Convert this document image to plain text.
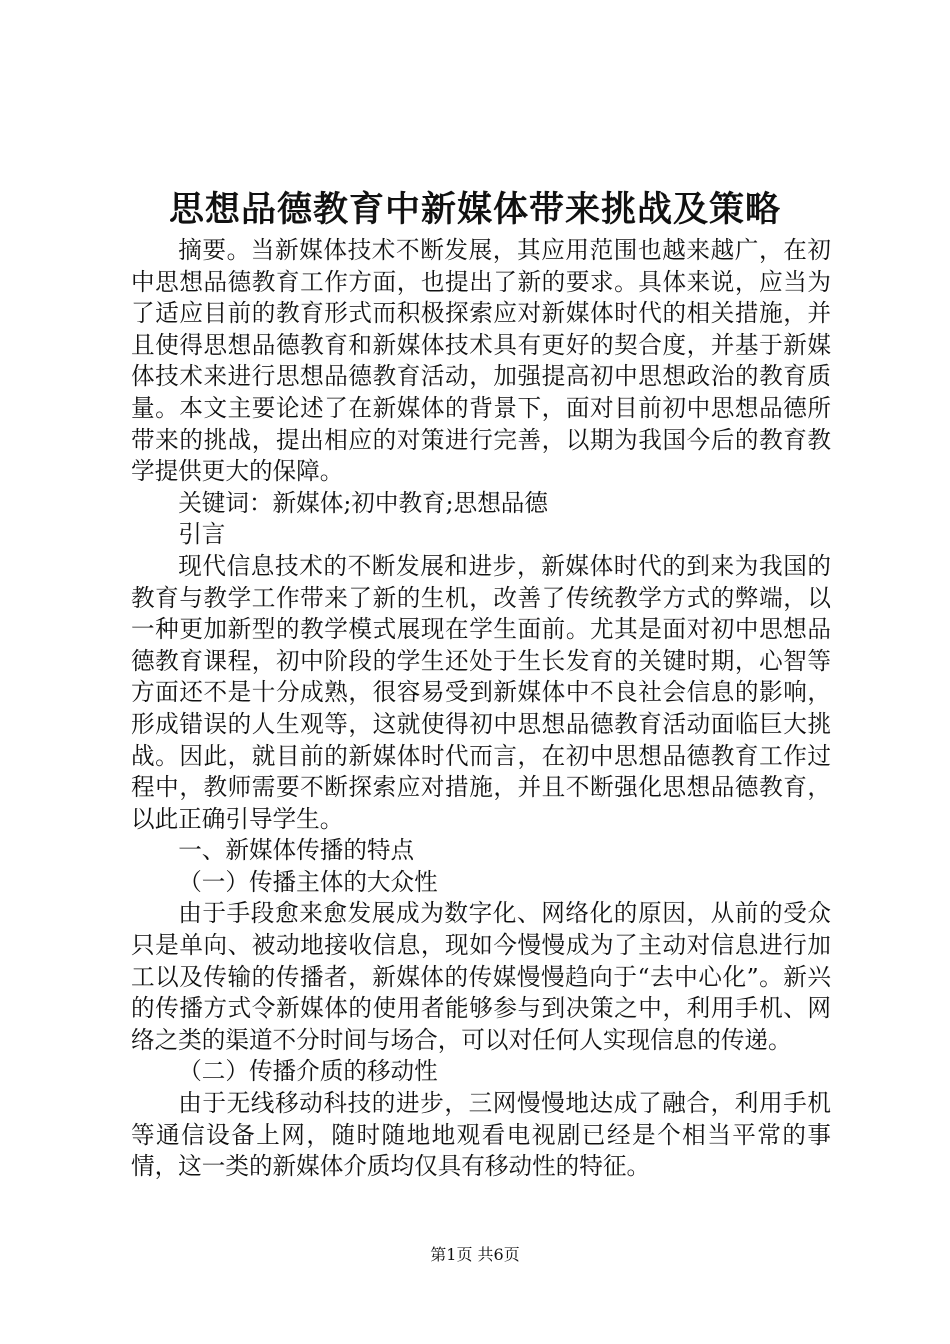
思想品德教育中新媒体带来挑战及策略

摘要。当新媒体技术不断发展，其应用范围也越来越广，在初中思想品德教育工作方面，也提出了新的要求。具体来说，应当为了适应目前的教育形式而积极探索应对新媒体时代的相关措施，并且使得思想品德教育和新媒体技术具有更好的契合度，并基于新媒体技术来进行思想品德教育活动，加强提高初中思想政治的教育质量。本文主要论述了在新媒体的背景下，面对目前初中思想品德所带来的挑战，提出相应的对策进行完善，以期为我国今后的教育教学提供更大的保障。

关键词：新媒体;初中教育;思想品德

引言

现代信息技术的不断发展和进步，新媒体时代的到来为我国的教育与教学工作带来了新的生机，改善了传统教学方式的弊端，以一种更加新型的教学模式展现在学生面前。尤其是面对初中思想品德教育课程，初中阶段的学生还处于生长发育的关键时期，心智等方面还不是十分成熟，很容易受到新媒体中不良社会信息的影响，形成错误的人生观等，这就使得初中思想品德教育活动面临巨大挑战。因此，就目前的新媒体时代而言，在初中思想品德教育工作过程中，教师需要不断探索应对措施，并且不断强化思想品德教育，以此正确引导学生。

一、新媒体传播的特点

（一）传播主体的大众性

由于手段愈来愈发展成为数字化、网络化的原因，从前的受众只是单向、被动地接收信息，现如今慢慢成为了主动对信息进行加工以及传输的传播者，新媒体的传媒慢慢趋向于“去中心化”。新兴的传播方式令新媒体的使用者能够参与到决策之中，利用手机、网络之类的渠道不分时间与场合，可以对任何人实现信息的传递。

（二）传播介质的移动性

由于无线移动科技的进步，三网慢慢地达成了融合，利用手机等通信设备上网，随时随地地观看电视剧已经是个相当平常的事情，这一类的新媒体介质均仅具有移动性的特征。

第1页 共6页
